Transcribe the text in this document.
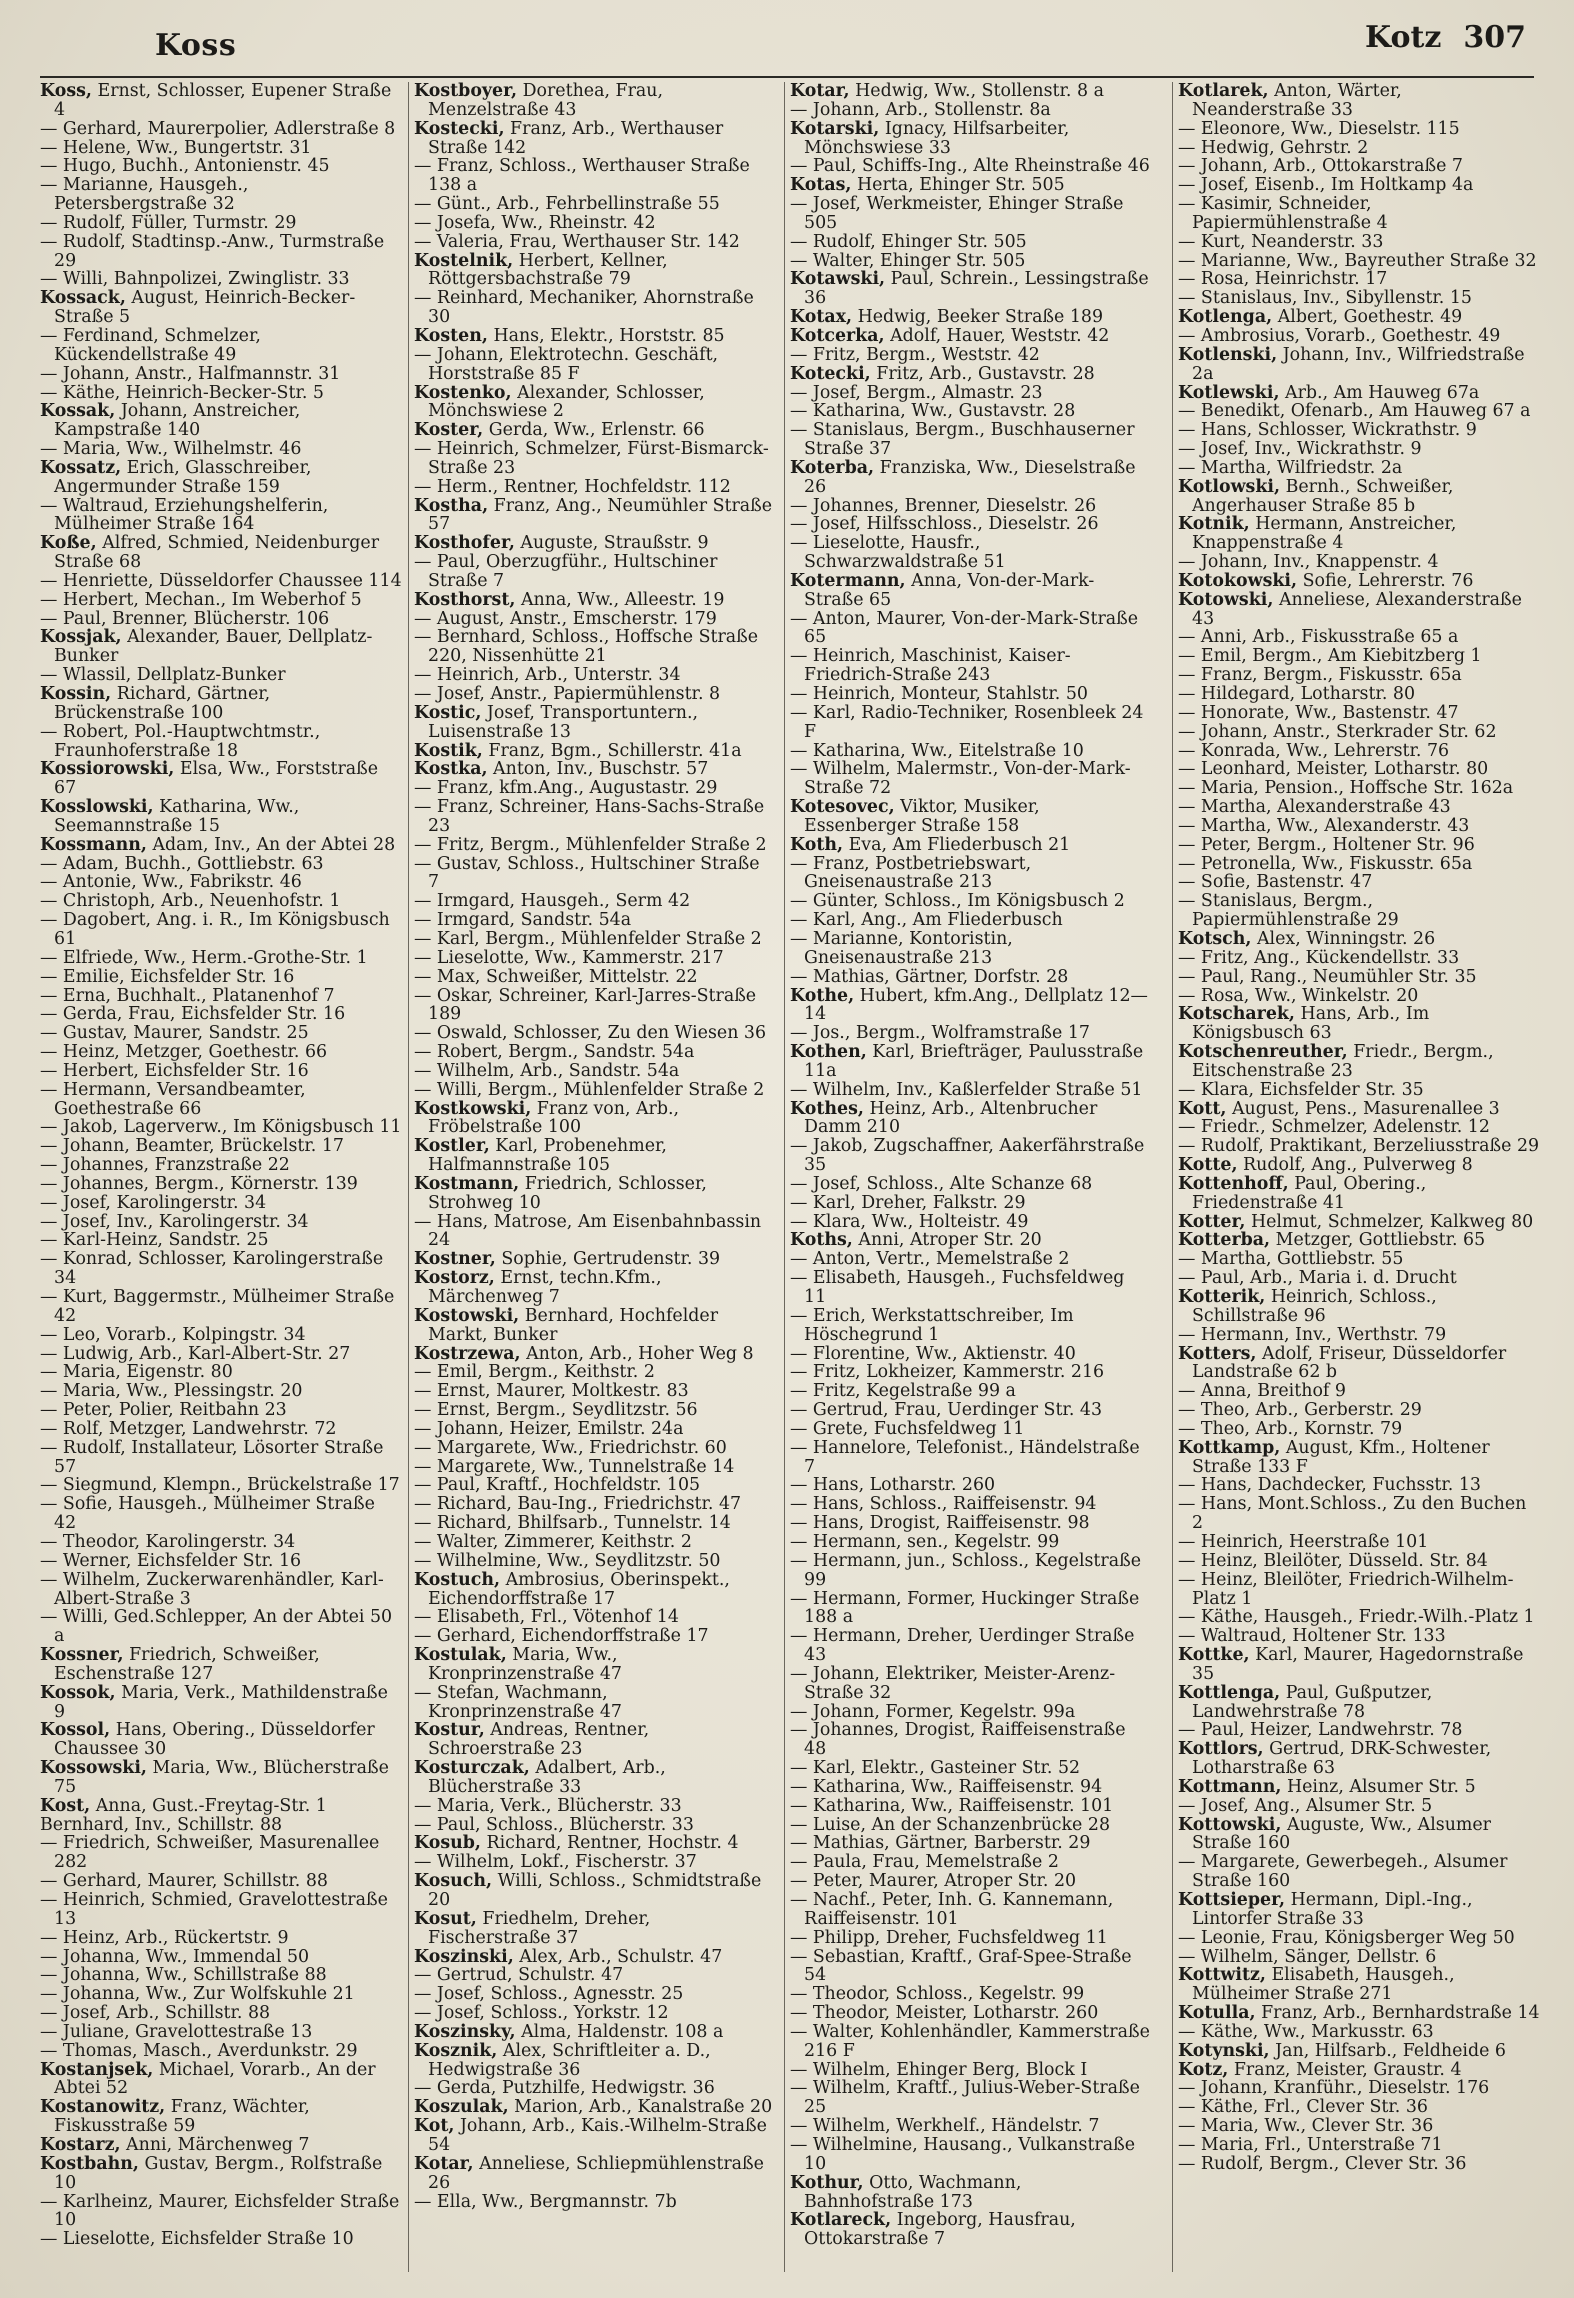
Koss	Kotz 307
Koss, Ernst, Schlosser, Eupener Straße 4
— Gerhard, Maurerpolier, Adlerstraße 8
— Helene, Ww., Bungertstr. 31
— Hugo, Buchh., Antonienstr. 45
— Marianne, Hausgeh., Petersbergstraße 32
— Rudolf, Füller, Turmstr. 29
— Rudolf, Stadtinsp.-Anw., Turmstraße 29
— Willi, Bahnpolizei, Zwinglistr. 33
Kossack, August, Heinrich-Becker-Straße 5
— Ferdinand, Schmelzer, Kückendellstraße 49
— Johann, Anstr., Halfmannstr. 31
— Käthe, Heinrich-Becker-Str. 5
Kossak, Johann, Anstreicher, Kampstraße 140
— Maria, Ww., Wilhelmstr. 46
Kossatz, Erich, Glasschreiber, Angermunder Straße 159
— Waltraud, Erziehungshelferin, Mülheimer Straße 164
Koße, Alfred, Schmied, Neidenburger Straße 68
— Henriette, Düsseldorfer Chaussee 114
— Herbert, Mechan., Im Weberhof 5
— Paul, Brenner, Blücherstr. 106
Kossjak, Alexander, Bauer, Dellplatz-Bunker
— Wlassil, Dellplatz-Bunker
Kossin, Richard, Gärtner, Brückenstraße 100
— Robert, Pol.-Hauptwchtmstr., Fraunhoferstraße 18
Kossiorowski, Elsa, Ww., Forststraße 67
Kosslowski, Katharina, Ww., Seemannstraße 15
Kossmann, Adam, Inv., An der Abtei 28
— Adam, Buchh., Gottliebstr. 63
— Antonie, Ww., Fabrikstr. 46
— Christoph, Arb., Neuenhofstr. 1
— Dagobert, Ang. i. R., Im Königsbusch 61
— Elfriede, Ww., Herm.-Grothe-Str. 1
— Emilie, Eichsfelder Str. 16
— Erna, Buchhalt., Platanenhof 7
— Gerda, Frau, Eichsfelder Str. 16
— Gustav, Maurer, Sandstr. 25
— Heinz, Metzger, Goethestr. 66
— Herbert, Eichsfelder Str. 16
— Hermann, Versandbeamter, Goethestraße 66
— Jakob, Lagerverw., Im Königsbusch 11
— Johann, Beamter, Brückelstr. 17
— Johannes, Franzstraße 22
— Johannes, Bergm., Körnerstr. 139
— Josef, Karolingerstr. 34
— Josef, Inv., Karolingerstr. 34
— Karl-Heinz, Sandstr. 25
— Konrad, Schlosser, Karolingerstraße 34
— Kurt, Baggermstr., Mülheimer Straße 42
— Leo, Vorarb., Kolpingstr. 34
— Ludwig, Arb., Karl-Albert-Str. 27
— Maria, Eigenstr. 80
— Maria, Ww., Plessingstr. 20
— Peter, Polier, Reitbahn 23
— Rolf, Metzger, Landwehrstr. 72
— Rudolf, Installateur, Lösorter Straße 57
— Siegmund, Klempn., Brückelstraße 17
— Sofie, Hausgeh., Mülheimer Straße 42
— Theodor, Karolingerstr. 34
— Werner, Eichsfelder Str. 16
— Wilhelm, Zuckerwarenhändler, Karl-Albert-Straße 3
— Willi, Ged.Schlepper, An der Abtei 50 a
Kossner, Friedrich, Schweißer, Eschenstraße 127
Kossok, Maria, Verk., Mathildenstraße 9
Kossol, Hans, Obering., Düsseldorfer Chaussee 30
Kossowski, Maria, Ww., Blücherstraße 75
Kost, Anna, Gust.-Freytag-Str. 1
Bernhard, Inv., Schillstr. 88
— Friedrich, Schweißer, Masurenallee 282
— Gerhard, Maurer, Schillstr. 88
— Heinrich, Schmied, Gravelottestraße 13
— Heinz, Arb., Rückertstr. 9
— Johanna, Ww., Immendal 50
— Johanna, Ww., Schillstraße 88
— Johanna, Ww., Zur Wolfskuhle 21
— Josef, Arb., Schillstr. 88
— Juliane, Gravelottestraße 13
— Thomas, Masch., Averdunkstr. 29
Kostanjsek, Michael, Vorarb., An der Abtei 52
Kostanowitz, Franz, Wächter, Fiskusstraße 59
Kostarz, Anni, Märchenweg 7
Kostbahn, Gustav, Bergm., Rolfstraße 10
— Karlheinz, Maurer, Eichsfelder Straße 10
— Lieselotte, Eichsfelder Straße 10
Kostboyer, Dorethea, Frau, Menzelstraße 43
Kostecki, Franz, Arb., Werthauser Straße 142
— Franz, Schloss., Werthauser Straße 138 a
— Günt., Arb., Fehrbellinstraße 55
— Josefa, Ww., Rheinstr. 42
— Valeria, Frau, Werthauser Str. 142
Kostelnik, Herbert, Kellner, Röttgersbachstraße 79
— Reinhard, Mechaniker, Ahornstraße 30
Kosten, Hans, Elektr., Horststr. 85
— Johann, Elektrotechn. Geschäft, Horststraße 85 F
Kostenko, Alexander, Schlosser, Mönchswiese 2
Koster, Gerda, Ww., Erlenstr. 66
— Heinrich, Schmelzer, Fürst-Bismarck-Straße 23
— Herm., Rentner, Hochfeldstr. 112
Kostha, Franz, Ang., Neumühler Straße 57
Kosthofer, Auguste, Straußstr. 9
— Paul, Oberzugführ., Hultschiner Straße 7
Kosthorst, Anna, Ww., Alleestr. 19
— August, Anstr., Emscherstr. 179
— Bernhard, Schloss., Hoffsche Straße 220, Nissenhütte 21
— Heinrich, Arb., Unterstr. 34
— Josef, Anstr., Papiermühlenstr. 8
Kostic, Josef, Transportuntern., Luisenstraße 13
Kostik, Franz, Bgm., Schillerstr. 41a
Kostka, Anton, Inv., Buschstr. 57
— Franz, kfm.Ang., Augustastr. 29
— Franz, Schreiner, Hans-Sachs-Straße 23
— Fritz, Bergm., Mühlenfelder Straße 2
— Gustav, Schloss., Hultschiner Straße 7
— Irmgard, Hausgeh., Serm 42
— Irmgard, Sandstr. 54a
— Karl, Bergm., Mühlenfelder Straße 2
— Lieselotte, Ww., Kammerstr. 217
— Max, Schweißer, Mittelstr. 22
— Oskar, Schreiner, Karl-Jarres-Straße 189
— Oswald, Schlosser, Zu den Wiesen 36
— Robert, Bergm., Sandstr. 54a
— Wilhelm, Arb., Sandstr. 54a
— Willi, Bergm., Mühlenfelder Straße 2
Kostkowski, Franz von, Arb., Fröbelstraße 100
Kostler, Karl, Probenehmer, Halfmannstraße 105
Kostmann, Friedrich, Schlosser, Strohweg 10
— Hans, Matrose, Am Eisenbahnbassin 24
Kostner, Sophie, Gertrudenstr. 39
Kostorz, Ernst, techn.Kfm., Märchenweg 7
Kostowski, Bernhard, Hochfelder Markt, Bunker
Kostrzewa, Anton, Arb., Hoher Weg 8
— Emil, Bergm., Keithstr. 2
— Ernst, Maurer, Moltkestr. 83
— Ernst, Bergm., Seydlitzstr. 56
— Johann, Heizer, Emilstr. 24a
— Margarete, Ww., Friedrichstr. 60
— Margarete, Ww., Tunnelstraße 14
— Paul, Kraftf., Hochfeldstr. 105
— Richard, Bau-Ing., Friedrichstr. 47
— Richard, Bhilfsarb., Tunnelstr. 14
— Walter, Zimmerer, Keithstr. 2
— Wilhelmine, Ww., Seydlitzstr. 50
Kostuch, Ambrosius, Oberinspekt., Eichendorffstraße 17
— Elisabeth, Frl., Vötenhof 14
— Gerhard, Eichendorffstraße 17
Kostulak, Maria, Ww., Kronprinzenstraße 47
— Stefan, Wachmann, Kronprinzenstraße 47
Kostur, Andreas, Rentner, Schroerstraße 23
Kosturczak, Adalbert, Arb., Blücherstraße 33
— Maria, Verk., Blücherstr. 33
— Paul, Schloss., Blücherstr. 33
Kosub, Richard, Rentner, Hochstr. 4
— Wilhelm, Lokf., Fischerstr. 37
Kosuch, Willi, Schloss., Schmidtstraße 20
Kosut, Friedhelm, Dreher, Fischerstraße 37
Koszinski, Alex, Arb., Schulstr. 47
— Gertrud, Schulstr. 47
— Josef, Schloss., Agnesstr. 25
— Josef, Schloss., Yorkstr. 12
Koszinsky, Alma, Haldenstr. 108 a
Kosznik, Alex, Schriftleiter a. D., Hedwigstraße 36
— Gerda, Putzhilfe, Hedwigstr. 36
Koszulak, Marion, Arb., Kanalstraße 20
Kot, Johann, Arb., Kais.-Wilhelm-Straße 54
Kotar, Anneliese, Schliepmühlenstraße 26
— Ella, Ww., Bergmannstr. 7b
Kotar, Hedwig, Ww., Stollenstr. 8 a
— Johann, Arb., Stollenstr. 8a
Kotarski, Ignacy, Hilfsarbeiter, Mönchswiese 33
— Paul, Schiffs-Ing., Alte Rheinstraße 46
Kotas, Herta, Ehinger Str. 505
— Josef, Werkmeister, Ehinger Straße 505
— Rudolf, Ehinger Str. 505
— Walter, Ehinger Str. 505
Kotawski, Paul, Schrein., Lessingstraße 36
Kotax, Hedwig, Beeker Straße 189
Kotcerka, Adolf, Hauer, Weststr. 42
— Fritz, Bergm., Weststr. 42
Kotecki, Fritz, Arb., Gustavstr. 28
— Josef, Bergm., Almastr. 23
— Katharina, Ww., Gustavstr. 28
— Stanislaus, Bergm., Buschhauserner Straße 37
Koterba, Franziska, Ww., Dieselstraße 26
— Johannes, Brenner, Dieselstr. 26
— Josef, Hilfsschloss., Dieselstr. 26
— Lieselotte, Hausfr., Schwarzwaldstraße 51
Kotermann, Anna, Von-der-Mark-Straße 65
— Anton, Maurer, Von-der-Mark-Straße 65
— Heinrich, Maschinist, Kaiser-Friedrich-Straße 243
— Heinrich, Monteur, Stahlstr. 50
— Karl, Radio-Techniker, Rosenbleek 24 F
— Katharina, Ww., Eitelstraße 10
— Wilhelm, Malermstr., Von-der-Mark-Straße 72
Kotesovec, Viktor, Musiker, Essenberger Straße 158
Koth, Eva, Am Fliederbusch 21
— Franz, Postbetriebswart, Gneisenaustraße 213
— Günter, Schloss., Im Königsbusch 2
— Karl, Ang., Am Fliederbusch
— Marianne, Kontoristin, Gneisenaustraße 213
— Mathias, Gärtner, Dorfstr. 28
Kothe, Hubert, kfm.Ang., Dellplatz 12—14
— Jos., Bergm., Wolframstraße 17
Kothen, Karl, Briefträger, Paulusstraße 11a
— Wilhelm, Inv., Kaßlerfelder Straße 51
Kothes, Heinz, Arb., Altenbruchеr Damm 210
— Jakob, Zugschaffner, Aakerfährstraße 35
— Josef, Schloss., Alte Schanze 68
— Karl, Dreher, Falkstr. 29
— Klara, Ww., Holteistr. 49
Koths, Anni, Atroper Str. 20
— Anton, Vertr., Memelstraße 2
— Elisabeth, Hausgeh., Fuchsfeldweg 11
— Erich, Werkstattschreiber, Im Höschegrund 1
— Florentine, Ww., Aktienstr. 40
— Fritz, Lokheizer, Kammerstr. 216
— Fritz, Kegelstraße 99 a
— Gertrud, Frau, Uerdinger Str. 43
— Grete, Fuchsfeldweg 11
— Hannelore, Telefonist., Händelstraße 7
— Hans, Lotharstr. 260
— Hans, Schloss., Raiffeisenstr. 94
— Hans, Drogist, Raiffeisenstr. 98
— Hermann, sen., Kegelstr. 99
— Hermann, jun., Schloss., Kegelstraße 99
— Hermann, Former, Huckinger Straße 188 a
— Hermann, Dreher, Uerdinger Straße 43
— Johann, Elektriker, Meister-Arenz-Straße 32
— Johann, Former, Kegelstr. 99a
— Johannes, Drogist, Raiffeisenstraße 48
— Karl, Elektr., Gasteiner Str. 52
— Katharina, Ww., Raiffeisenstr. 94
— Katharina, Ww., Raiffeisenstr. 101
— Luise, An der Schanzenbrücke 28
— Mathias, Gärtner, Barberstr. 29
— Paula, Frau, Memelstraße 2
— Peter, Maurer, Atroper Str. 20
— Nachf., Peter, Inh. G. Kannemann, Raiffeisenstr. 101
— Philipp, Dreher, Fuchsfeldweg 11
— Sebastian, Kraftf., Graf-Spee-Straße 54
— Theodor, Schloss., Kegelstr. 99
— Theodor, Meister, Lotharstr. 260
— Walter, Kohlenhändler, Kammerstraße 216 F
— Wilhelm, Ehinger Berg, Block I
— Wilhelm, Kraftf., Julius-Weber-Straße 25
— Wilhelm, Werkhelf., Händelstr. 7
— Wilhelmine, Hausang., Vulkanstraße 10
Kothur, Otto, Wachmann, Bahnhofstraße 173
Kotlareck, Ingeborg, Hausfrau, Ottokarstraße 7
Kotlarek, Anton, Wärter, Neanderstraße 33
— Eleonore, Ww., Dieselstr. 115
— Hedwig, Gehrstr. 2
— Johann, Arb., Ottokarstraße 7
— Josef, Eisenb., Im Holtkamp 4a
— Kasimir, Schneider, Papiermühlenstraße 4
— Kurt, Neanderstr. 33
— Marianne, Ww., Bayreuther Straße 32
— Rosa, Heinrichstr. 17
— Stanislaus, Inv., Sibyllenstr. 15
Kotlenga, Albert, Goethestr. 49
— Ambrosius, Vorarb., Goethestr. 49
Kotlenski, Johann, Inv., Wilfriedstraße 2a
Kotlewski, Arb., Am Hauweg 67a
— Benedikt, Ofenarb., Am Hauweg 67 a
— Hans, Schlosser, Wickrathstr. 9
— Josef, Inv., Wickrathstr. 9
— Martha, Wilfriedstr. 2a
Kotlowski, Bernh., Schweißer, Angerhauser Straße 85 b
Kotnik, Hermann, Anstreicher, Knappenstraße 4
— Johann, Inv., Knappenstr. 4
Kotokowski, Sofie, Lehrerstr. 76
Kotowski, Anneliese, Alexanderstraße 43
— Anni, Arb., Fiskusstraße 65 a
— Emil, Bergm., Am Kiebitzberg 1
— Franz, Bergm., Fiskusstr. 65a
— Hildegard, Lotharstr. 80
— Honorate, Ww., Bastenstr. 47
— Johann, Anstr., Sterkrader Str. 62
— Konrada, Ww., Lehrerstr. 76
— Leonhard, Meister, Lotharstr. 80
— Maria, Pension., Hoffsche Str. 162a
— Martha, Alexanderstraße 43
— Martha, Ww., Alexanderstr. 43
— Peter, Bergm., Holtener Str. 96
— Petronella, Ww., Fiskusstr. 65a
— Sofie, Bastenstr. 47
— Stanislaus, Bergm., Papiermühlenstraße 29
Kotsch, Alex, Winningstr. 26
— Fritz, Ang., Kückendellstr. 33
— Paul, Rang., Neumühler Str. 35
— Rosa, Ww., Winkelstr. 20
Kotscharek, Hans, Arb., Im Königsbusch 63
Kotschenreuther, Friedr., Bergm., Eitschenstraße 23
— Klara, Eichsfelder Str. 35
Kott, August, Pens., Masurenallee 3
— Friedr., Schmelzer, Adelenstr. 12
— Rudolf, Praktikant, Berzeliusstraße 29
Kotte, Rudolf, Ang., Pulverweg 8
Kottenhoff, Paul, Obering., Friedenstraße 41
Kotter, Helmut, Schmelzer, Kalkweg 80
Kotterba, Metzger, Gottliebstr. 65
— Martha, Gottliebstr. 55
— Paul, Arb., Maria i. d. Drucht
Kotterik, Heinrich, Schloss., Schillstraße 96
— Hermann, Inv., Werthstr. 79
Kotters, Adolf, Friseur, Düsseldorfer Landstraße 62 b
— Anna, Breithof 9
— Theo, Arb., Gerberstr. 29
— Theo, Arb., Kornstr. 79
Kottkamp, August, Kfm., Holtener Straße 133 F
— Hans, Dachdecker, Fuchsstr. 13
— Hans, Mont.Schloss., Zu den Buchen 2
— Heinrich, Heerstraße 101
— Heinz, Bleilöter, Düsseld. Str. 84
— Heinz, Bleilöter, Friedrich-Wilhelm-Platz 1
— Käthe, Hausgeh., Friedr.-Wilh.-Platz 1
— Waltraud, Holtener Str. 133
Kottke, Karl, Maurer, Hagedornstraße 35
Kottlenga, Paul, Gußputzer, Landwehrstraße 78
— Paul, Heizer, Landwehrstr. 78
Kottlors, Gertrud, DRK-Schwester, Lotharstraße 63
Kottmann, Heinz, Alsumer Str. 5
— Josef, Ang., Alsumer Str. 5
Kottowski, Auguste, Ww., Alsumer Straße 160
— Margarete, Gewerbegeh., Alsumer Straße 160
Kottsieper, Hermann, Dipl.-Ing., Lintorfer Straße 33
— Leonie, Frau, Königsberger Weg 50
— Wilhelm, Sänger, Dellstr. 6
Kottwitz, Elisabeth, Hausgeh., Mülheimer Straße 271
Kotulla, Franz, Arb., Bernhardstraße 14
— Käthe, Ww., Markusstr. 63
Kotynski, Jan, Hilfsarb., Feldheide 6
Kotz, Franz, Meister, Graustr. 4
— Johann, Kranführ., Dieselstr. 176
— Käthe, Frl., Clever Str. 36
— Maria, Ww., Clever Str. 36
— Maria, Frl., Unterstraße 71
— Rudolf, Bergm., Clever Str. 36
